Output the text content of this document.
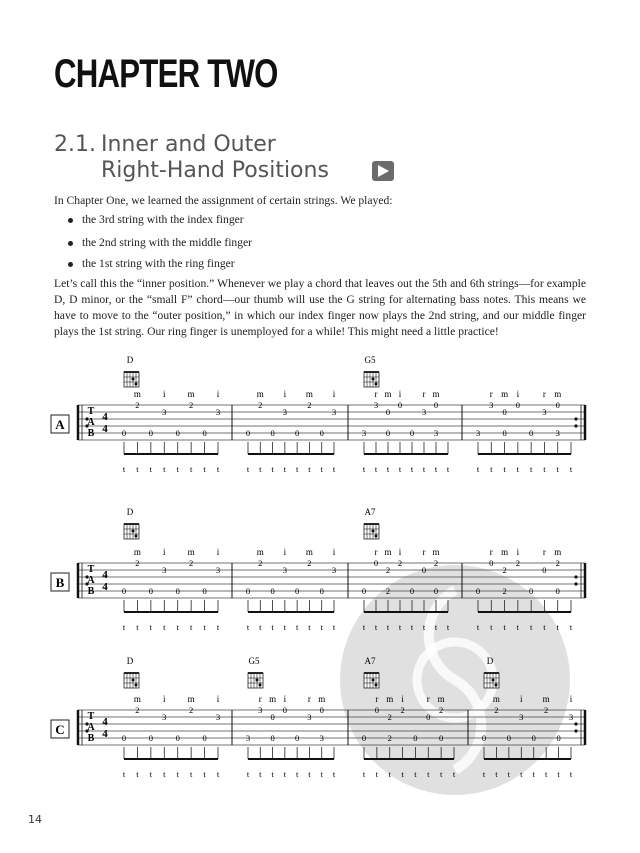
CHAPTER TWO
2.1. Inner and Outer
Right-Hand Positions
In Chapter One, we learned the assignment of certain strings. We played:
the 3rd string with the index finger
the 2nd string with the middle finger
the 1st string with the ring finger
Let’s call this the “inner position.” Whenever we play a chord that leaves out the 5th and 6th strings—for example D, D minor, or the “small F” chord—our thumb will use the G string for alternating bass notes. This means we have to move to the “outer position,” in which our index finger now plays the 2nd string, and our middle finger plays the 1st string. Our ring finger is unemployed for a while! This might need a little practice!
A
T
A
B
4
4
m i m i
2
3
2
3
0	0	0	0
t t t t t t t t
m i m i
2
3
2
3
0 0 0 0
t t t t t t t t
r m i r m
3
0
0
3
0
3 0 0 3
t t t t t t t t
r m i	r m
3
0
0
3
0
3	0	0	3
t t t t t t t t
D	G5
B
T
A
B
4
4
m i m i
2
3
2
3
0	0	0	0
t t t t t t t t
m i m i
2
3
2
3
0 0 0 0
t t t t t t t t
r m i r m
0
2
2
0
2
0 2 0 0
t t t t t t t t
r m i	r m
0
2
2
0
2
0	2	0	0
t t t t t t t t
D	A7
C
T
A
B
4
4
m i m i
2
3
2
3
0	0	0	0
t t t t t t t t
r m i r m
3
0
0
3
0
3 0 0 3
t t t t t t t t
r m i	r m
0
2
2
0
2
0	2	0	0
t t t t t t t t
m i m i
2
3
2
3
0 0 0 0
t t t t t t t t
D	G5	A7	D
14
